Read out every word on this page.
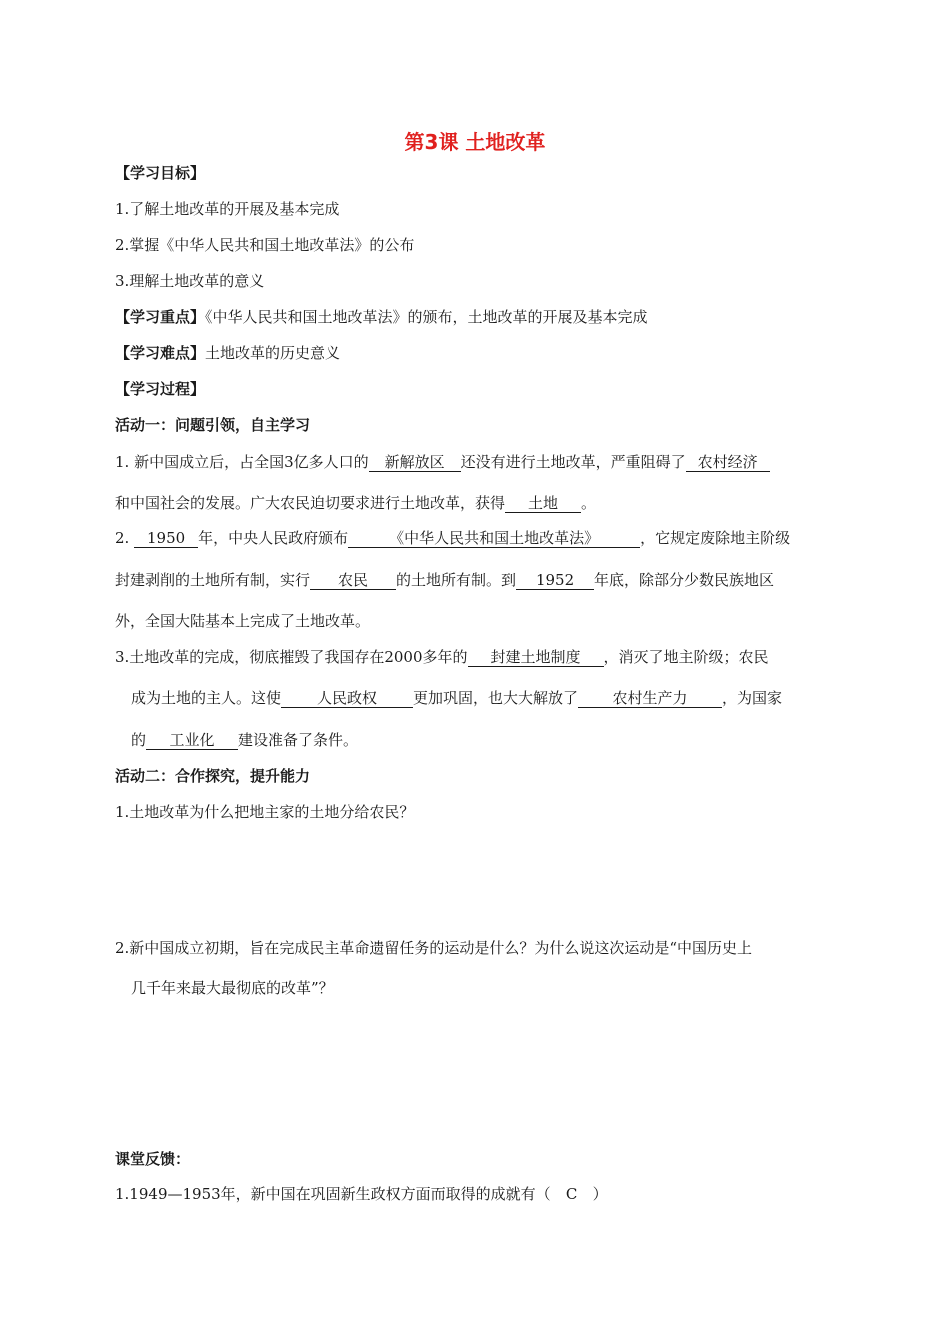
第3课 土地改革
【学习目标】
1.了解土地改革的开展及基本完成
2.掌握《中华人民共和国土地改革法》的公布
3.理解土地改革的意义
【学习重点】《中华人民共和国土地改革法》的颁布，土地改革的开展及基本完成
【学习难点】土地改革的历史意义
【学习过程】
活动一：问题引领，自主学习
1. 新中国成立后，占全国3亿多人口的 新解放区 还没有进行土地改革，严重阻碍了 农村经济
和中国社会的发展。广大农民迫切要求进行土地改革，获得 土地 。
2. 1950 年，中央人民政府颁布	《中华人民共和国土地改革法》	，它规定废除地主阶级
封建剥削的土地所有制，实行 农民 的土地所有制。到 1952 年底，除部分少数民族地区
外，全国大陆基本上完成了土地改革。
3.土地改革的完成，彻底摧毁了我国存在2000多年的 封建土地制度 ，消灭了地主阶级；农民
成为土地的主人。这使 人民政权 更加巩固，也大大解放了 农村生产力 ，为国家
的 工业化 建设准备了条件。
活动二：合作探究，提升能力
1.土地改革为什么把地主家的土地分给农民？
2.新中国成立初期，旨在完成民主革命遗留任务的运动是什么？为什么说这次运动是“中国历史上
几千年来最大最彻底的改革”？
课堂反馈：
1.1949—1953年，新中国在巩固新生政权方面而取得的成就有（ C ）
